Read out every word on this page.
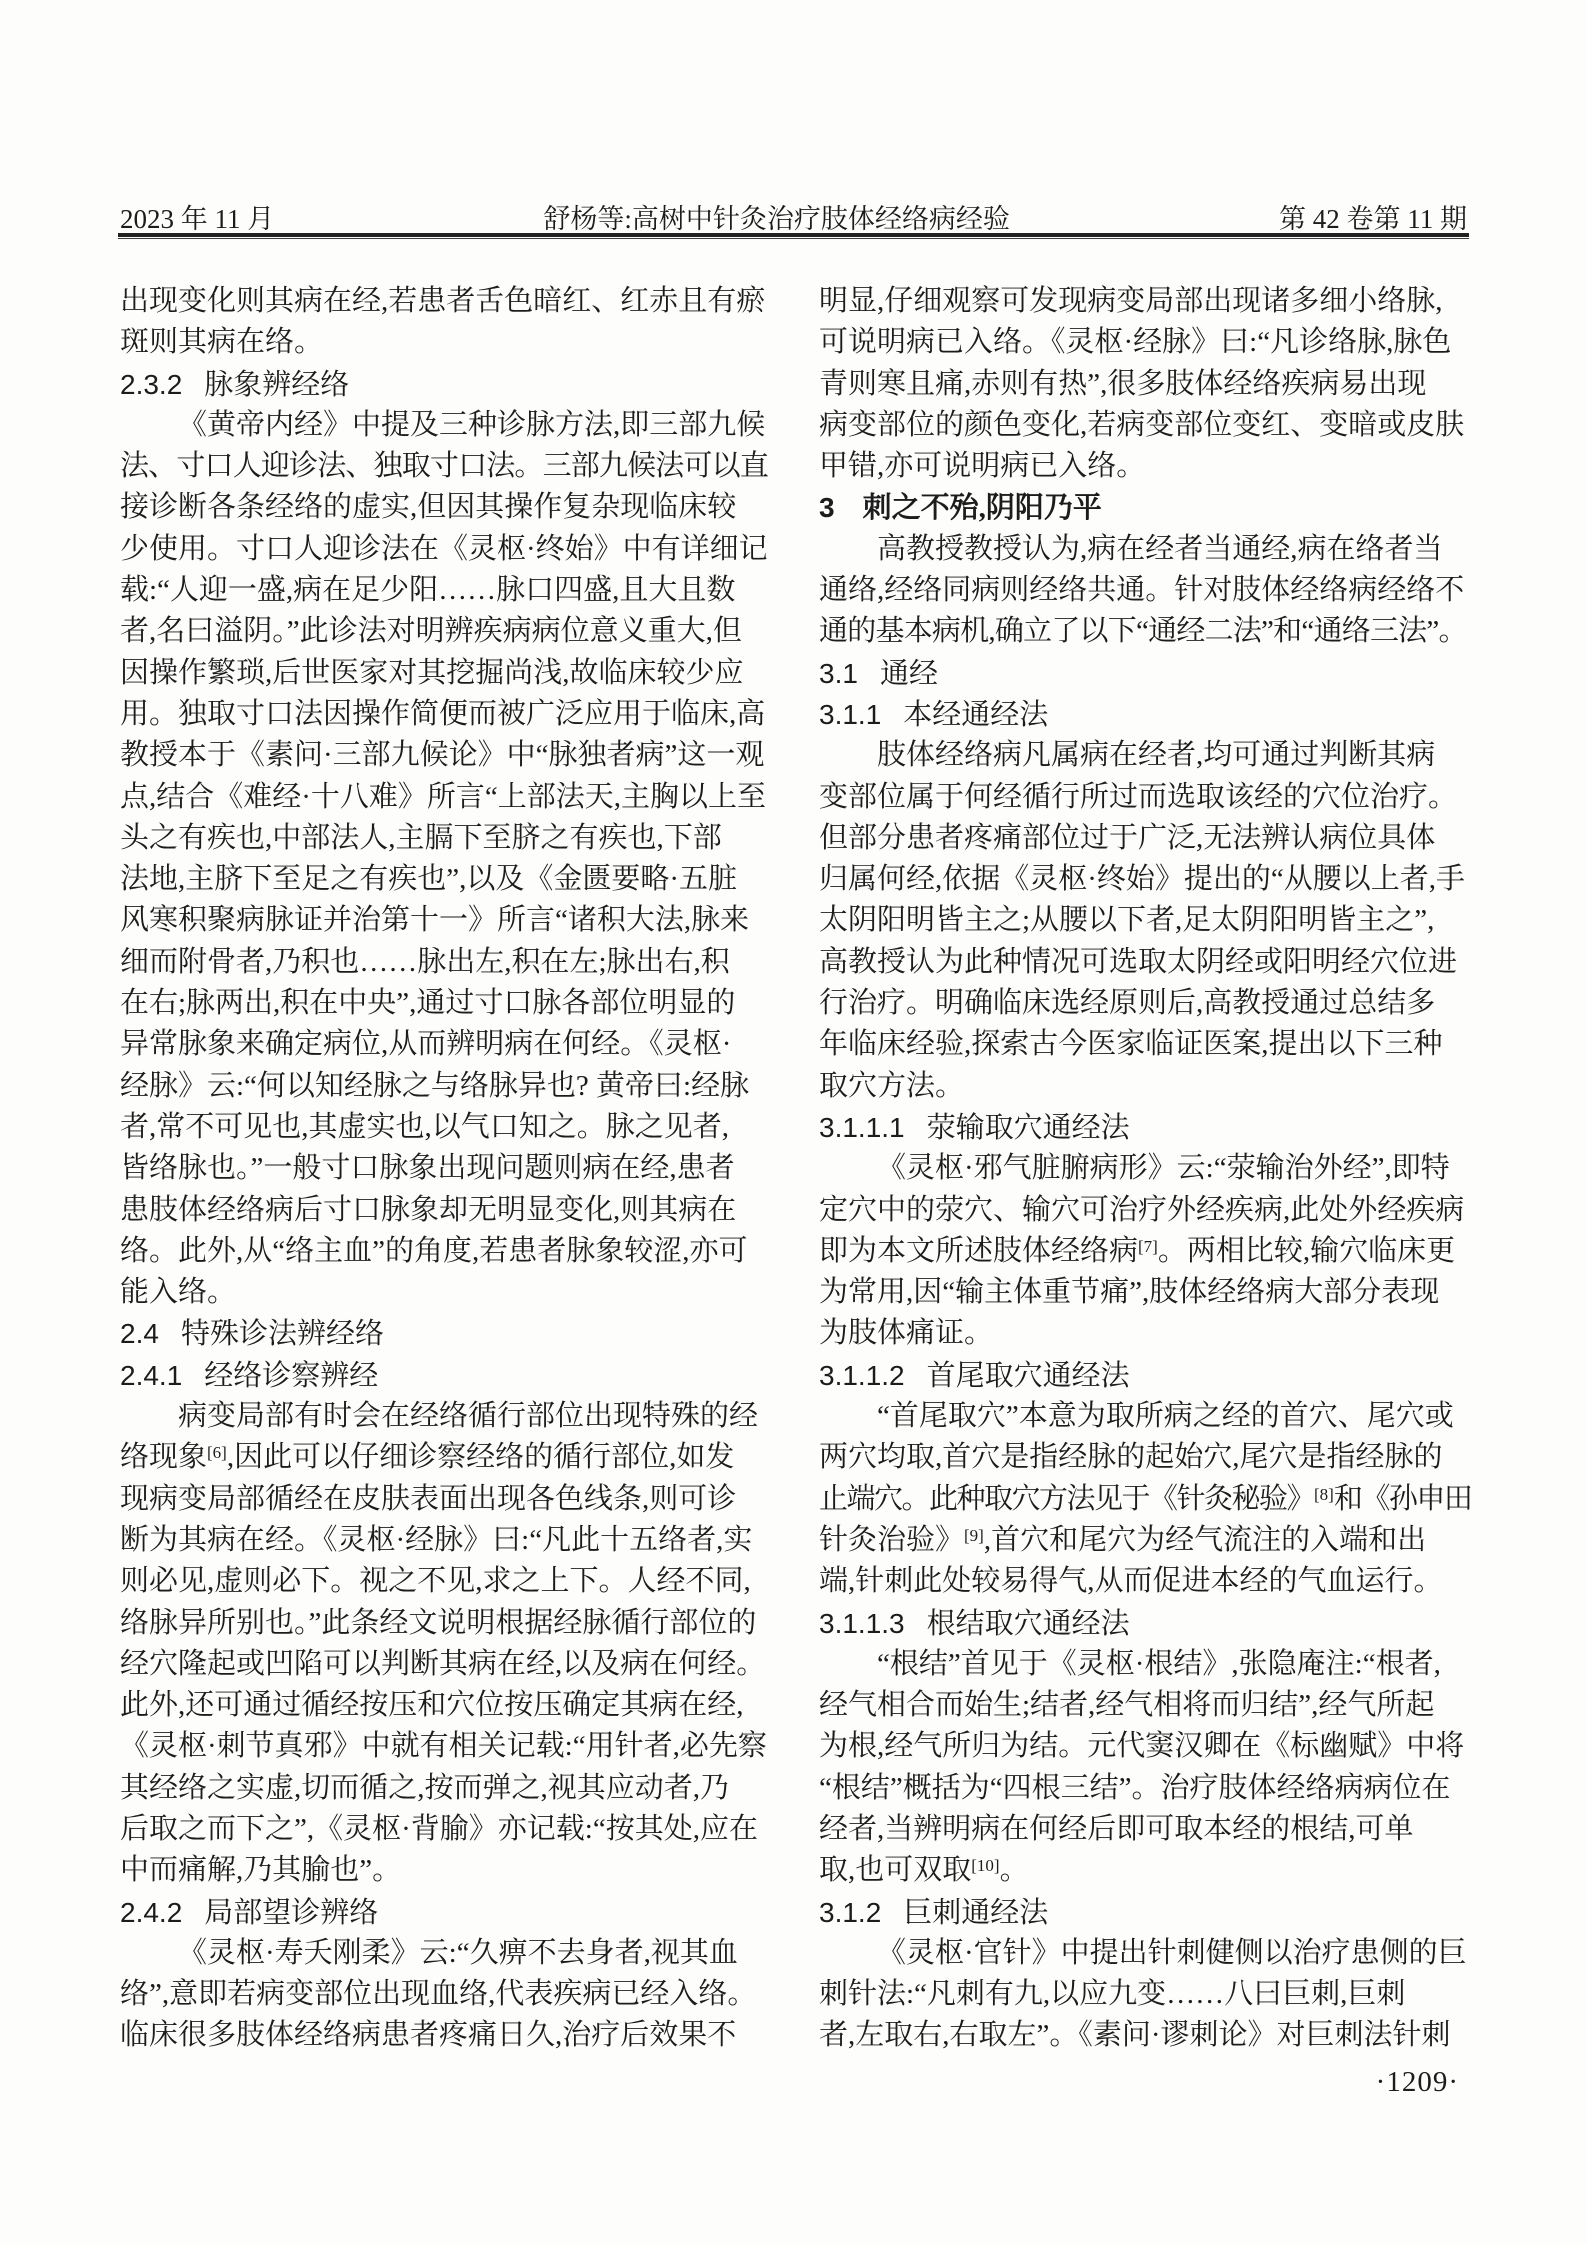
2023 年 11 月	舒杨等:高树中针灸治疗肢体经络病经验	第 42 卷第 11 期
出现变化则其病在经,若患者舌色暗红、红赤且有瘀
斑则其病在络。
2.3.2 脉象辨经络
《黄帝内经》中提及三种诊脉方法,即三部九候
法、寸口人迎诊法、独取寸口法。三部九候法可以直
接诊断各条经络的虚实,但因其操作复杂现临床较
少使用。寸口人迎诊法在《灵枢·终始》中有详细记
载:“人迎一盛,病在足少阳……脉口四盛,且大且数
者,名曰溢阴。”此诊法对明辨疾病病位意义重大,但
因操作繁琐,后世医家对其挖掘尚浅,故临床较少应
用。独取寸口法因操作简便而被广泛应用于临床,高
教授本于《素问·三部九候论》中“脉独者病”这一观
点,结合《难经·十八难》所言“上部法天,主胸以上至
头之有疾也,中部法人,主膈下至脐之有疾也,下部
法地,主脐下至足之有疾也”,以及《金匮要略·五脏
风寒积聚病脉证并治第十一》所言“诸积大法,脉来
细而附骨者,乃积也……脉出左,积在左;脉出右,积
在右;脉两出,积在中央”,通过寸口脉各部位明显的
异常脉象来确定病位,从而辨明病在何经。《灵枢·
经脉》云:“何以知经脉之与络脉异也? 黄帝曰:经脉
者,常不可见也,其虚实也,以气口知之。脉之见者,
皆络脉也。”一般寸口脉象出现问题则病在经,患者
患肢体经络病后寸口脉象却无明显变化,则其病在
络。此外,从“络主血”的角度,若患者脉象较涩,亦可
能入络。
2.4 特殊诊法辨经络
2.4.1 经络诊察辨经
病变局部有时会在经络循行部位出现特殊的经
络现象[6],因此可以仔细诊察经络的循行部位,如发
现病变局部循经在皮肤表面出现各色线条,则可诊
断为其病在经。《灵枢·经脉》曰:“凡此十五络者,实
则必见,虚则必下。视之不见,求之上下。人经不同,
络脉异所别也。”此条经文说明根据经脉循行部位的
经穴隆起或凹陷可以判断其病在经,以及病在何经。
此外,还可通过循经按压和穴位按压确定其病在经,
《灵枢·刺节真邪》中就有相关记载:“用针者,必先察
其经络之实虚,切而循之,按而弹之,视其应动者,乃
后取之而下之”,《灵枢·背腧》亦记载:“按其处,应在
中而痛解,乃其腧也”。
2.4.2 局部望诊辨络
《灵枢·寿夭刚柔》云:“久痹不去身者,视其血
络”,意即若病变部位出现血络,代表疾病已经入络。
临床很多肢体经络病患者疼痛日久,治疗后效果不
明显,仔细观察可发现病变局部出现诸多细小络脉,
可说明病已入络。《灵枢·经脉》曰:“凡诊络脉,脉色
青则寒且痛,赤则有热”,很多肢体经络疾病易出现
病变部位的颜色变化,若病变部位变红、变暗或皮肤
甲错,亦可说明病已入络。
3 刺之不殆,阴阳乃平
高教授教授认为,病在经者当通经,病在络者当
通络,经络同病则经络共通。针对肢体经络病经络不
通的基本病机,确立了以下“通经二法”和“通络三法”。
3.1 通经
3.1.1 本经通经法
肢体经络病凡属病在经者,均可通过判断其病
变部位属于何经循行所过而选取该经的穴位治疗。
但部分患者疼痛部位过于广泛,无法辨认病位具体
归属何经,依据《灵枢·终始》提出的“从腰以上者,手
太阴阳明皆主之;从腰以下者,足太阴阳明皆主之”,
高教授认为此种情况可选取太阴经或阳明经穴位进
行治疗。明确临床选经原则后,高教授通过总结多
年临床经验,探索古今医家临证医案,提出以下三种
取穴方法。
3.1.1.1 荥输取穴通经法
《灵枢·邪气脏腑病形》云:“荥输治外经”,即特
定穴中的荥穴、输穴可治疗外经疾病,此处外经疾病
即为本文所述肢体经络病[7]。两相比较,输穴临床更
为常用,因“输主体重节痛”,肢体经络病大部分表现
为肢体痛证。
3.1.1.2 首尾取穴通经法
“首尾取穴”本意为取所病之经的首穴、尾穴或
两穴均取,首穴是指经脉的起始穴,尾穴是指经脉的
止端穴。此种取穴方法见于《针灸秘验》[8]和《孙申田
针灸治验》[9],首穴和尾穴为经气流注的入端和出
端,针刺此处较易得气,从而促进本经的气血运行。
3.1.1.3 根结取穴通经法
“根结”首见于《灵枢·根结》,张隐庵注:“根者,
经气相合而始生;结者,经气相将而归结”,经气所起
为根,经气所归为结。元代窦汉卿在《标幽赋》中将
“根结”概括为“四根三结”。治疗肢体经络病病位在
经者,当辨明病在何经后即可取本经的根结,可单
取,也可双取[10]。
3.1.2 巨刺通经法
《灵枢·官针》中提出针刺健侧以治疗患侧的巨
刺针法:“凡刺有九,以应九变……八曰巨刺,巨刺
者,左取右,右取左”。《素问·谬刺论》对巨刺法针刺
·1209·
